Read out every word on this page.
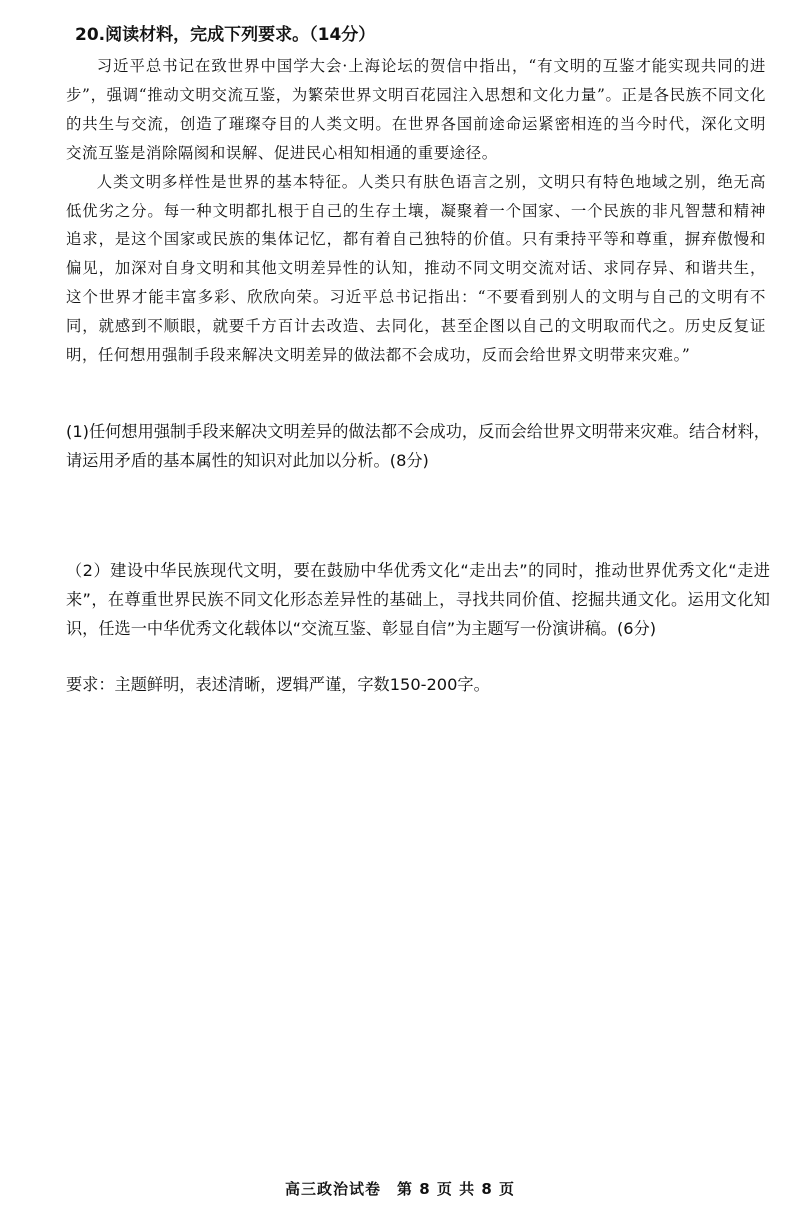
20.阅读材料，完成下列要求。（14分）

习近平总书记在致世界中国学大会·上海论坛的贺信中指出，“有文明的互鉴才能实现共同的进步”，强调“推动文明交流互鉴，为繁荣世界文明百花园注入思想和文化力量”。正是各民族不同文化的共生与交流，创造了璀璨夺目的人类文明。在世界各国前途命运紧密相连的当今时代，深化文明交流互鉴是消除隔阂和误解、促进民心相知相通的重要途径。

人类文明多样性是世界的基本特征。人类只有肤色语言之别，文明只有特色地域之别，绝无高低优劣之分。每一种文明都扎根于自己的生存土壤，凝聚着一个国家、一个民族的非凡智慧和精神追求，是这个国家或民族的集体记忆，都有着自己独特的价值。只有秉持平等和尊重，摒弃傲慢和偏见，加深对自身文明和其他文明差异性的认知，推动不同文明交流对话、求同存异、和谐共生，这个世界才能丰富多彩、欣欣向荣。习近平总书记指出：“不要看到别人的文明与自己的文明有不同，就感到不顺眼，就要千方百计去改造、去同化，甚至企图以自己的文明取而代之。历史反复证明，任何想用强制手段来解决文明差异的做法都不会成功，反而会给世界文明带来灾难。”

(1)任何想用强制手段来解决文明差异的做法都不会成功，反而会给世界文明带来灾难。结合材料，请运用矛盾的基本属性的知识对此加以分析。(8分)

（2）建设中华民族现代文明，要在鼓励中华优秀文化“走出去”的同时，推动世界优秀文化“走进来”，在尊重世界民族不同文化形态差异性的基础上，寻找共同价值、挖掘共通文化。运用文化知识，任选一中华优秀文化载体以“交流互鉴、彰显自信”为主题写一份演讲稿。(6分)

要求：主题鲜明，表述清晰，逻辑严谨，字数150-200字。
高三政治试卷　第 8 页 共 8 页
